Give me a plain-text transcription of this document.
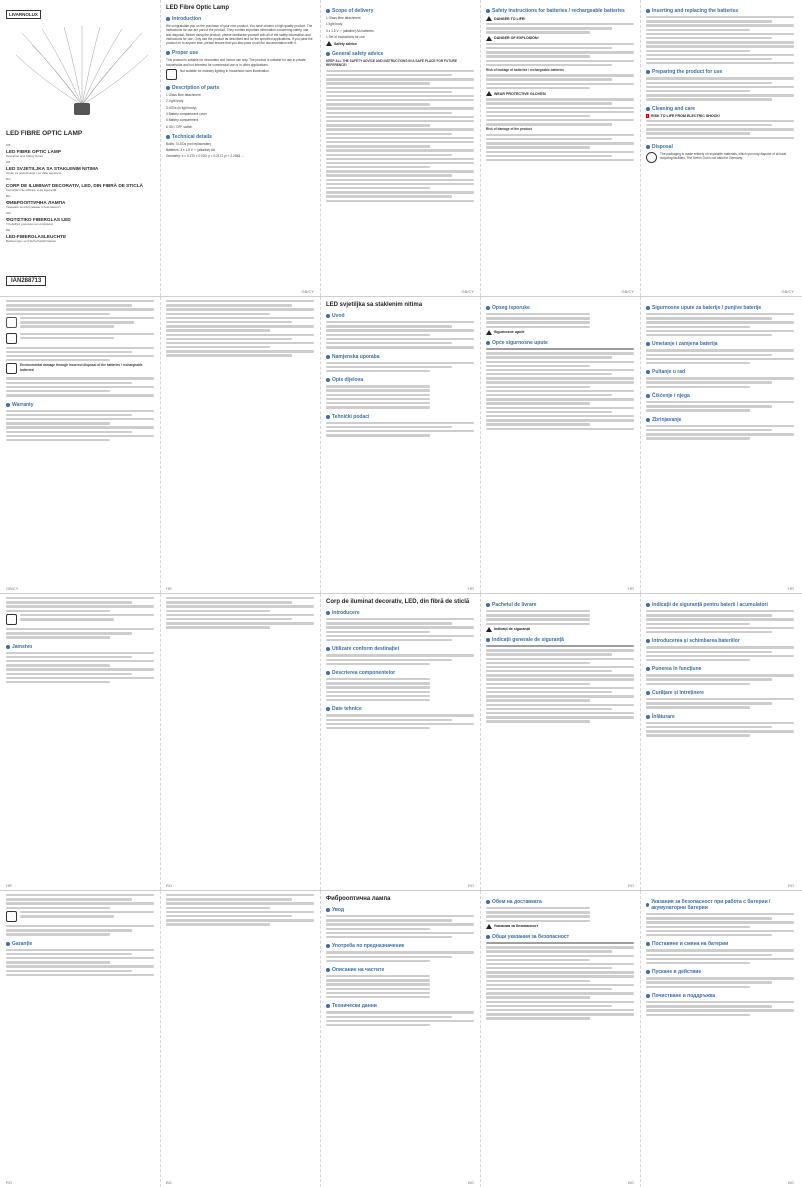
LIVARNOLUX
LED FIBRE OPTIC LAMP
GB
LED FIBRE OPTIC LAMP
Operation and Safety Notes
HR
LED SVJETILJKA SA STAKLENIM NITIMA
Upute za posluživanje i sa Vaše sigurnost
RO
CORP DE ILUMINAT DECORATIV, LED, DIN FIBRĂ DE STICLĂ
Instrucțiuni de utilizare și de siguranță
BG
ФИБРООПТИЧНА ЛАМПА
Указания за обслужване и безопасност
GR
ΦΩΤΙΣΤΙΚΟ FIBERGLAS LED
Υποδείξεις χειρισμού και ασφαλείας
DE
LED-FIBERGLASLEUCHTE
Bedienungs- und Sicherheitshinweise
IAN288713
LED Fibre Optic Lamp
Introduction
We congratulate you on the purchase of your new product. You have chosen a high quality product. The instructions for use are part of the product. They contain important information concerning safety, use and disposal. Before using the product, please familiarise yourself with all of the safety information and instructions for use. Only use the product as described and for the specified applications. If you pass the product on to anyone else, please ensure that you also pass on all the documentation with it.
Proper use
This product is suitable for decoration and indoor use only. The product is suitable for use in private households and not intended for commercial use or in other applications.
Not suitable for ordinary lighting in household room illumination.
Description of parts
1 Glass fibre attachment
2 Light body
3 LEDs (in light body)
4 Battery compartment cover
5 Battery compartment
6 ON / OFF switch
Technical details
Bulbs: 3 LEDs (not replaceable)
Batteries: 3 x 1.5 V ⎓ (alkaline) AA
Geometry: x = 0.270 ± 0.030; y = 0.2172 y² + 2.2653 ...
GB/CY
Scope of delivery
1 Glass fibre attachment
1 light body
3 x 1.5 V ⎓ (alkaline) AA batteries
1 Set of instructions for use
Safety advice
General safety advice
KEEP ALL THE SAFETY ADVICE AND INSTRUCTIONS IN A SAFE PLACE FOR FUTURE REFERENCE!
GB/CY
Safety instructions for batteries / rechargeable batteries
DANGER TO LIFE!
DANGER OF EXPLOSION!
Risk of leakage of batteries / rechargeable batteries
WEAR PROTECTIVE GLOVES!
Risk of damage of the product
GB/CY
Inserting and replacing the batteries
Preparing the product for use
Cleaning and care
! RISK TO LIFE FROM ELECTRIC SHOCK!
Disposal
The packaging is made entirely of recyclable materials, which you may dispose of at local recycling facilities. The Green Dot is not valid for Germany.
GB/CY
Environmental damage through incorrect disposal of the batteries / rechargeable batteries!
Warranty
GB/CY	HR
LED svjetiljka sa staklenim nitima
Uvod
Namjenska uporaba
Opis dijelova
Tehnički podaci
HR
Opseg isporuke
Sigurnosne upute
Opće sigurnosne upute
HR
Sigurnosne upute za baterije / punjive baterije
Umetanje i zamjena baterija
Pultanje u rad
Čišćenje i njega
Zbrinjavanje
HR
Jamstvo
HR	RO
Corp de iluminat decorativ, LED, din fibră de sticlă
Introducere
Utilizare conform destinației
Descrierea componentelor
Date tehnice
RO
Pachetul de livrare
Indicații de siguranță
Indicații generale de siguranță
RO
Indicații de siguranță pentru baterii / acumulatori
Introducerea și schimbarea bateriilor
Punerea în funcțiune
Curățare și întreținere
Înlăturare
RO
Garanție
RO	BG
Фиброоптична лампа
Увод
Употреба по предназначение
Описание на частите
Технически данни
BG
Обем на доставката
Указания за безопасност
Общи указания за безопасност
BG
Указания за безопасност при работа с батерии / акумулаторни батерии
Поставяне и смяна на батерии
Пускане в действие
Почистване и поддръжка
BG
